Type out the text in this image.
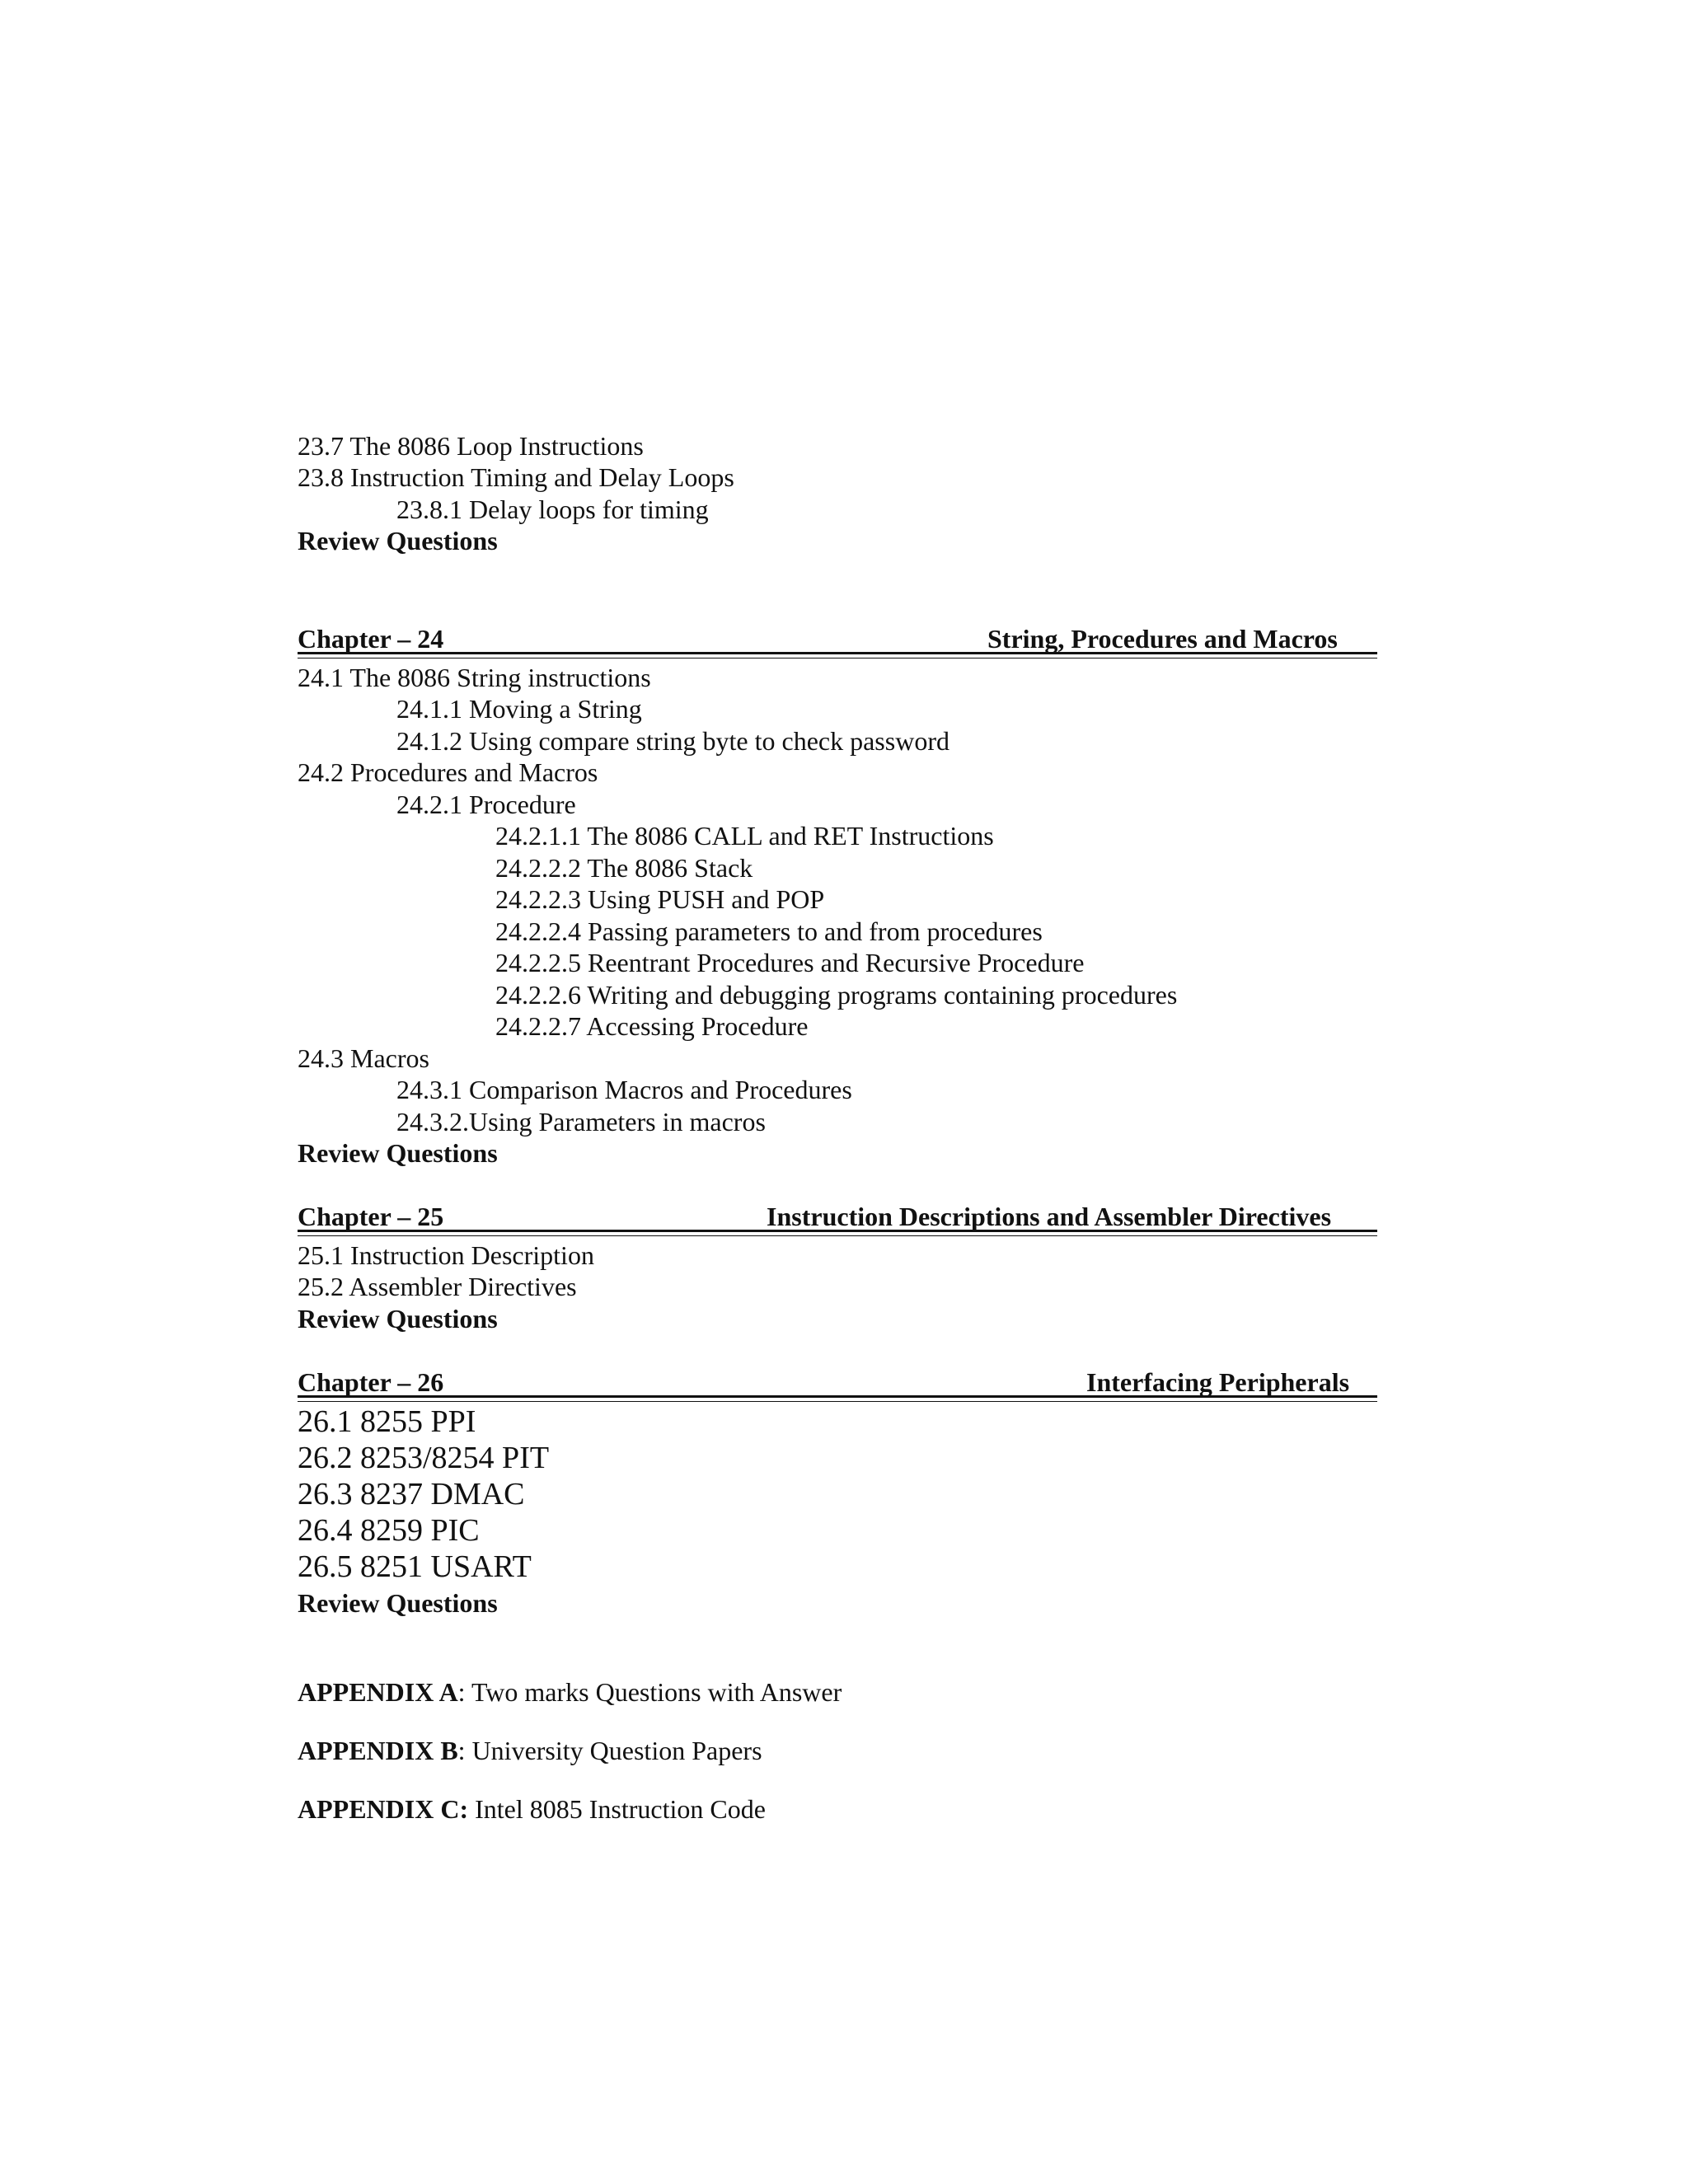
23.7 The 8086 Loop Instructions
23.8 Instruction Timing and Delay Loops
23.8.1 Delay loops for timing
Review Questions
Chapter – 24	String, Procedures and Macros
24.1 The 8086 String instructions
24.1.1 Moving a String
24.1.2 Using compare string byte to check password
24.2 Procedures and Macros
24.2.1 Procedure
24.2.1.1 The 8086 CALL and RET Instructions
24.2.2.2 The 8086 Stack
24.2.2.3 Using PUSH and POP
24.2.2.4 Passing parameters to and from procedures
24.2.2.5 Reentrant Procedures and Recursive Procedure
24.2.2.6 Writing and debugging programs containing procedures
24.2.2.7 Accessing Procedure
24.3 Macros
24.3.1 Comparison Macros and Procedures
24.3.2.Using Parameters in macros
Review Questions
Chapter – 25	Instruction Descriptions and Assembler Directives
25.1 Instruction Description
25.2 Assembler Directives
Review Questions
Chapter – 26	Interfacing Peripherals
26.1 8255 PPI
26.2 8253/8254 PIT
26.3 8237 DMAC
26.4 8259 PIC
26.5 8251 USART
Review Questions
APPENDIX A: Two marks Questions with Answer
APPENDIX B: University Question Papers
APPENDIX C: Intel 8085 Instruction Code
